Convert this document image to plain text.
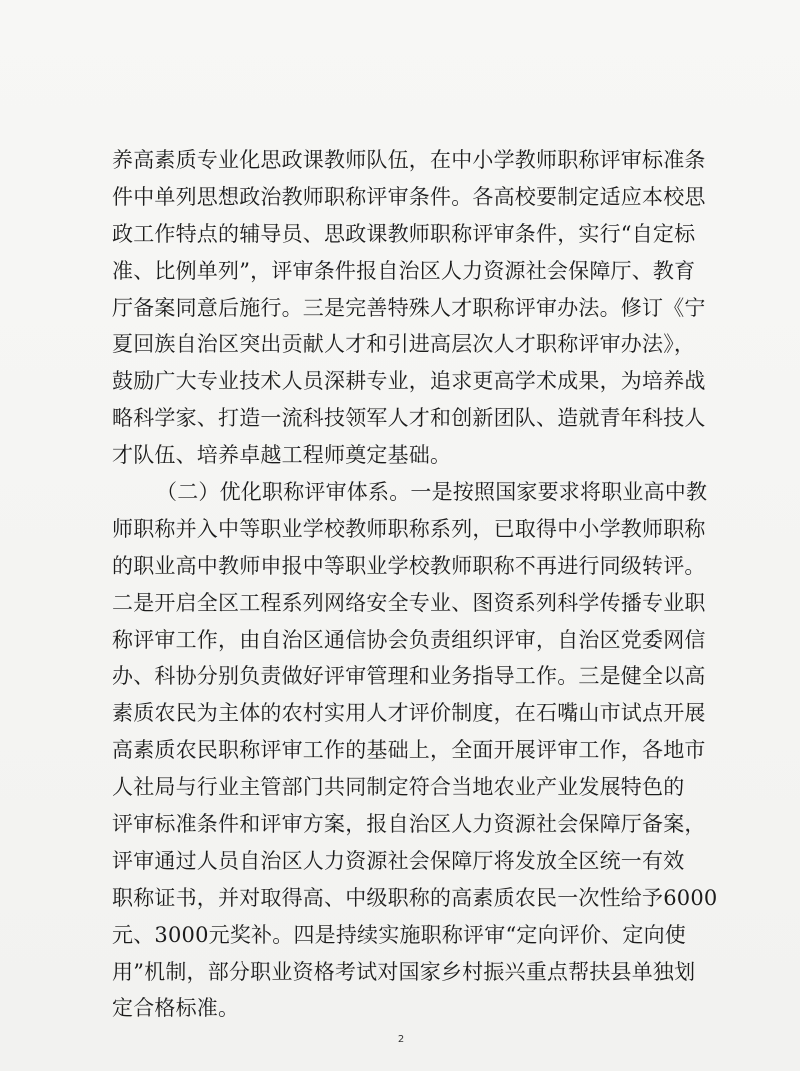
养高素质专业化思政课教师队伍，在中小学教师职称评审标准条
件中单列思想政治教师职称评审条件。各高校要制定适应本校思
政工作特点的辅导员、思政课教师职称评审条件，实行“自定标
准、比例单列”，评审条件报自治区人力资源社会保障厅、教育
厅备案同意后施行。三是完善特殊人才职称评审办法。修订《宁
夏回族自治区突出贡献人才和引进高层次人才职称评审办法》，
鼓励广大专业技术人员深耕专业，追求更高学术成果，为培养战
略科学家、打造一流科技领军人才和创新团队、造就青年科技人
才队伍、培养卓越工程师奠定基础。
（二）优化职称评审体系。一是按照国家要求将职业高中教
师职称并入中等职业学校教师职称系列，已取得中小学教师职称
的职业高中教师申报中等职业学校教师职称不再进行同级转评。
二是开启全区工程系列网络安全专业、图资系列科学传播专业职
称评审工作，由自治区通信协会负责组织评审，自治区党委网信
办、科协分别负责做好评审管理和业务指导工作。三是健全以高
素质农民为主体的农村实用人才评价制度，在石嘴山市试点开展
高素质农民职称评审工作的基础上，全面开展评审工作，各地市
人社局与行业主管部门共同制定符合当地农业产业发展特色的
评审标准条件和评审方案，报自治区人力资源社会保障厅备案，
评审通过人员自治区人力资源社会保障厅将发放全区统一有效
职称证书，并对取得高、中级职称的高素质农民一次性给予6000
元、3000元奖补。四是持续实施职称评审“定向评价、定向使
用”机制，部分职业资格考试对国家乡村振兴重点帮扶县单独划
定合格标准。
2
